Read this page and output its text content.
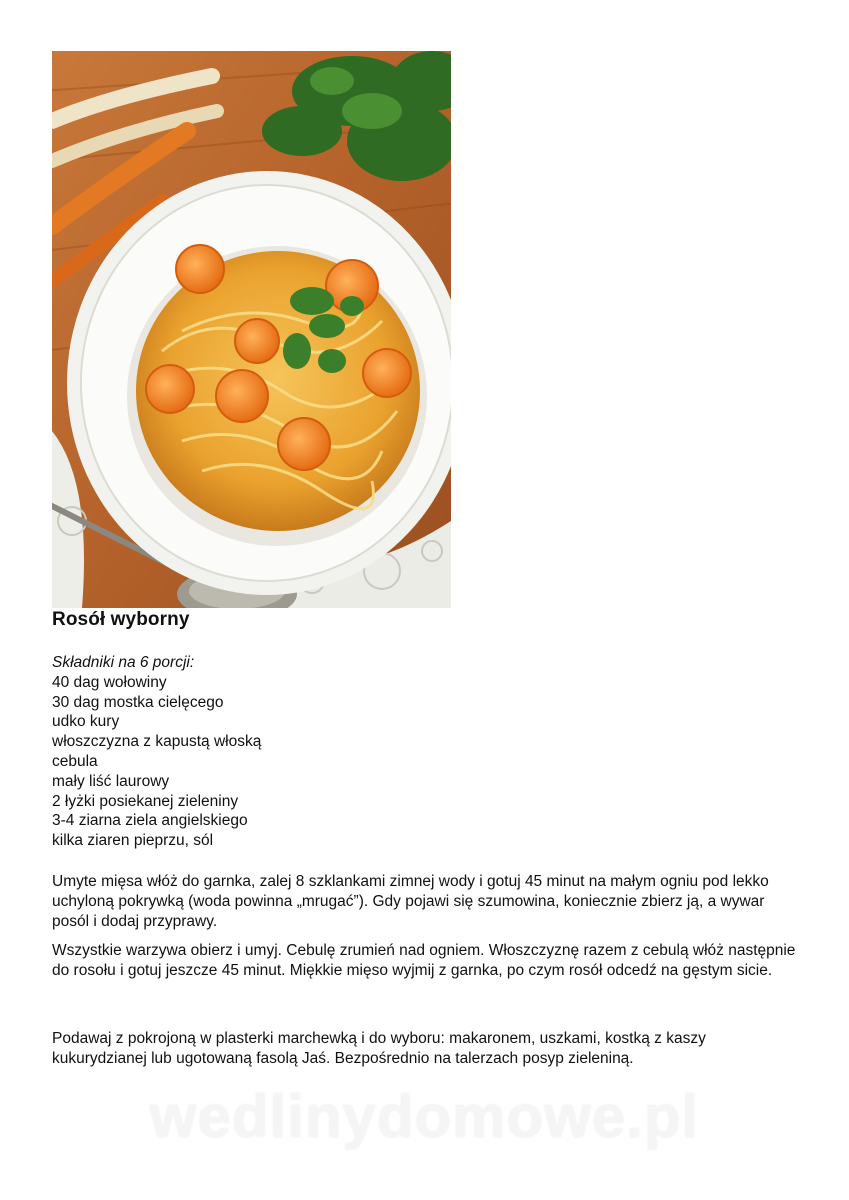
Rosół wyborny
Składniki na 6 porcji:
40 dag wołowiny
30 dag mostka cielęcego
udko kury
włoszczyzna z kapustą włoską
cebula
mały liść laurowy
2 łyżki posiekanej zieleniny
3-4 ziarna ziela angielskiego
kilka ziaren pieprzu, sól

Umyte mięsa włóż do garnka, zalej 8 szklankami zimnej wody i gotuj 45 minut na małym ogniu pod lekko uchyloną pokrywką (woda powinna „mrugać”). Gdy pojawi się szumowina, koniecznie zbierz ją, a wywar posól i dodaj przyprawy.

Wszystkie warzywa obierz i umyj. Cebulę zrumień nad ogniem. Włoszczyznę razem z cebulą włóż następnie do rosołu i gotuj jeszcze 45 minut. Miękkie mięso wyjmij z garnka, po czym rosół odcedź na gęstym sicie.

Podawaj z pokrojoną w plasterki marchewką i do wyboru: makaronem, uszkami, kostką z kaszy kukurydzianej lub ugotowaną fasolą Jaś. Bezpośrednio na talerzach posyp zieleniną.

wedlinydomowe.pl
